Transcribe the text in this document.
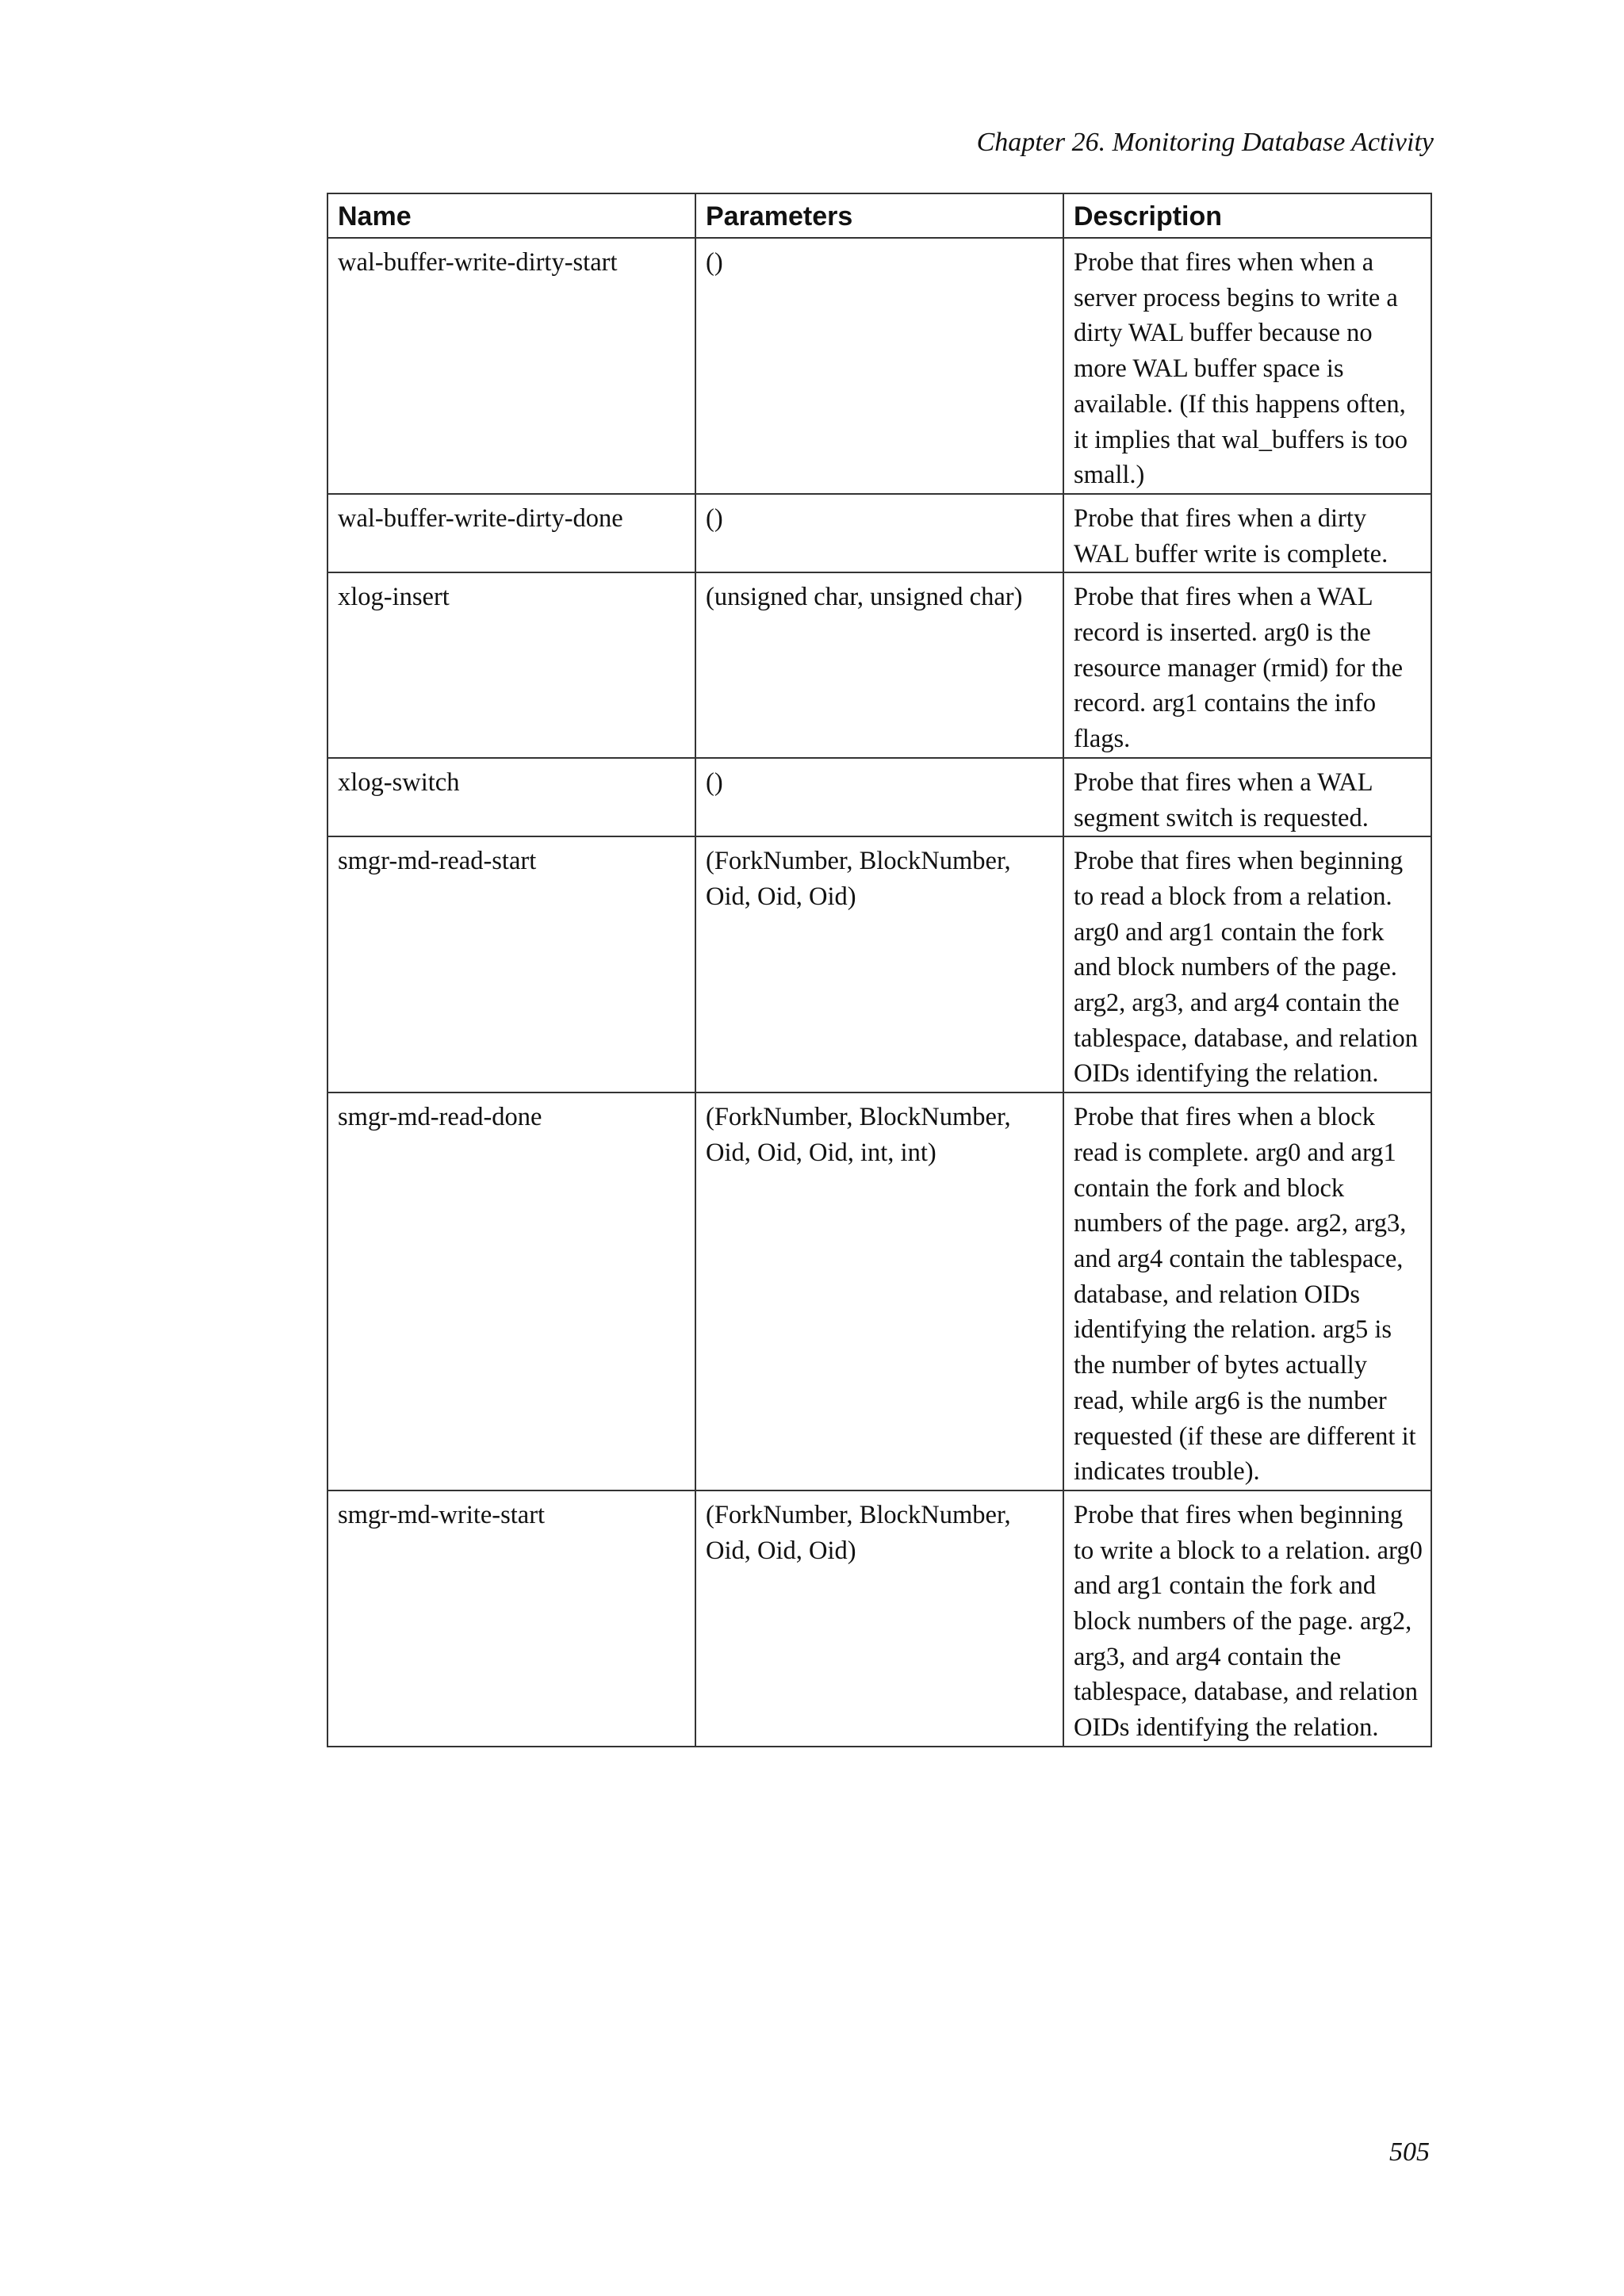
Chapter 26. Monitoring Database Activity
Name	Parameters	Description
wal-buffer-write-dirty-start	()	Probe that fires when when a server process begins to write a dirty WAL buffer because no more WAL buffer space is available. (If this happens often, it implies that wal_buffers is too small.)
wal-buffer-write-dirty-done	()	Probe that fires when a dirty WAL buffer write is complete.
xlog-insert	(unsigned char, unsigned char)	Probe that fires when a WAL record is inserted. arg0 is the resource manager (rmid) for the record. arg1 contains the info flags.
xlog-switch	()	Probe that fires when a WAL segment switch is requested.
smgr-md-read-start	(ForkNumber, BlockNumber, Oid, Oid, Oid)	Probe that fires when beginning to read a block from a relation. arg0 and arg1 contain the fork and block numbers of the page. arg2, arg3, and arg4 contain the tablespace, database, and relation OIDs identifying the relation.
smgr-md-read-done	(ForkNumber, BlockNumber, Oid, Oid, Oid, int, int)	Probe that fires when a block read is complete. arg0 and arg1 contain the fork and block numbers of the page. arg2, arg3, and arg4 contain the tablespace, database, and relation OIDs identifying the relation. arg5 is the number of bytes actually read, while arg6 is the number requested (if these are different it indicates trouble).
smgr-md-write-start	(ForkNumber, BlockNumber, Oid, Oid, Oid)	Probe that fires when beginning to write a block to a relation. arg0 and arg1 contain the fork and block numbers of the page. arg2, arg3, and arg4 contain the tablespace, database, and relation OIDs identifying the relation.
505
